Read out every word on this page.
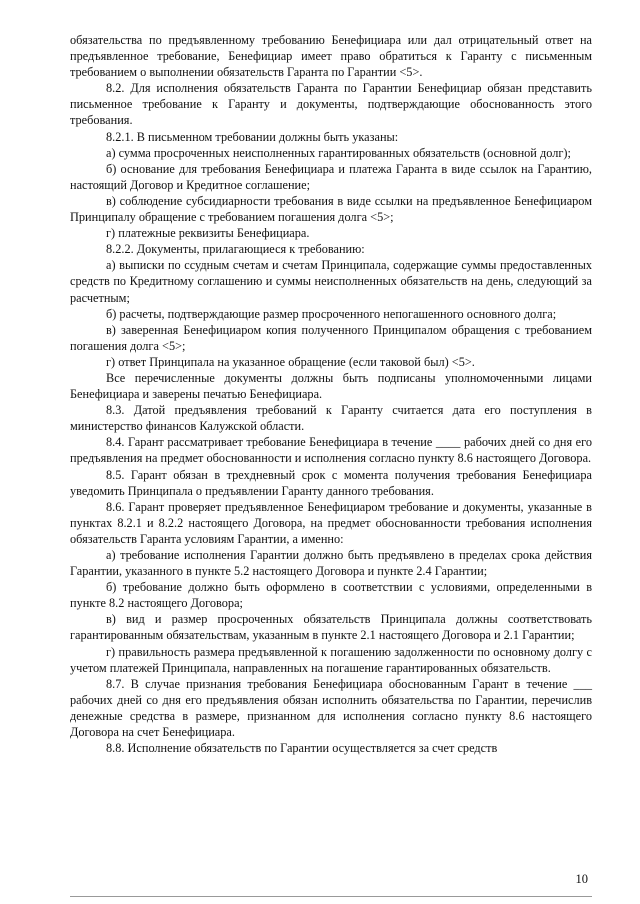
обязательства по предъявленному требованию Бенефициара или дал отрицательный ответ на предъявленное требование, Бенефициар имеет право обратиться к Гаранту с письменным требованием о выполнении обязательств Гаранта по Гарантии <5>.

8.2. Для исполнения обязательств Гаранта по Гарантии Бенефициар обязан представить письменное требование к Гаранту и документы, подтверждающие обоснованность этого требования.

8.2.1. В письменном требовании должны быть указаны:

а) сумма просроченных неисполненных гарантированных обязательств (основной долг);

б) основание для требования Бенефициара и платежа Гаранта в виде ссылок на Гарантию, настоящий Договор и Кредитное соглашение;

в) соблюдение субсидиарности требования в виде ссылки на предъявленное Бенефициаром Принципалу обращение с требованием погашения долга <5>;

г) платежные реквизиты Бенефициара.

8.2.2. Документы, прилагающиеся к требованию:

а) выписки по ссудным счетам и счетам Принципала, содержащие суммы предоставленных средств по Кредитному соглашению и суммы неисполненных обязательств на день, следующий за расчетным;

б) расчеты, подтверждающие размер просроченного непогашенного основного долга;

в) заверенная Бенефициаром копия полученного Принципалом обращения с требованием погашения долга <5>;

г) ответ Принципала на указанное обращение (если таковой был) <5>.

Все перечисленные документы должны быть подписаны уполномоченными лицами Бенефициара и заверены печатью Бенефициара.

8.3. Датой предъявления требований к Гаранту считается дата его поступления в министерство финансов Калужской области.

8.4. Гарант рассматривает требование Бенефициара в течение ____ рабочих дней со дня его предъявления на предмет обоснованности и исполнения согласно пункту 8.6 настоящего Договора.

8.5. Гарант обязан в трехдневный срок с момента получения требования Бенефициара уведомить Принципала о предъявлении Гаранту данного требования.

8.6. Гарант проверяет предъявленное Бенефициаром требование и документы, указанные в пунктах 8.2.1 и 8.2.2 настоящего Договора, на предмет обоснованности требования исполнения обязательств Гаранта условиям Гарантии, а именно:

а) требование исполнения Гарантии должно быть предъявлено в пределах срока действия Гарантии, указанного в пункте 5.2 настоящего Договора и пункте 2.4 Гарантии;

б) требование должно быть оформлено в соответствии с условиями, определенными в пункте 8.2 настоящего Договора;

в) вид и размер просроченных обязательств Принципала должны соответствовать гарантированным обязательствам, указанным в пункте 2.1 настоящего Договора и 2.1 Гарантии;

г) правильность размера предъявленной к погашению задолженности по основному долгу с учетом платежей Принципала, направленных на погашение гарантированных обязательств.

8.7. В случае признания требования Бенефициара обоснованным Гарант в течение ___ рабочих дней со дня его предъявления обязан исполнить обязательства по Гарантии, перечислив денежные средства в размере, признанном для исполнения согласно пункту 8.6 настоящего Договора на счет Бенефициара.

8.8. Исполнение обязательств по Гарантии осуществляется за счет средств

10
